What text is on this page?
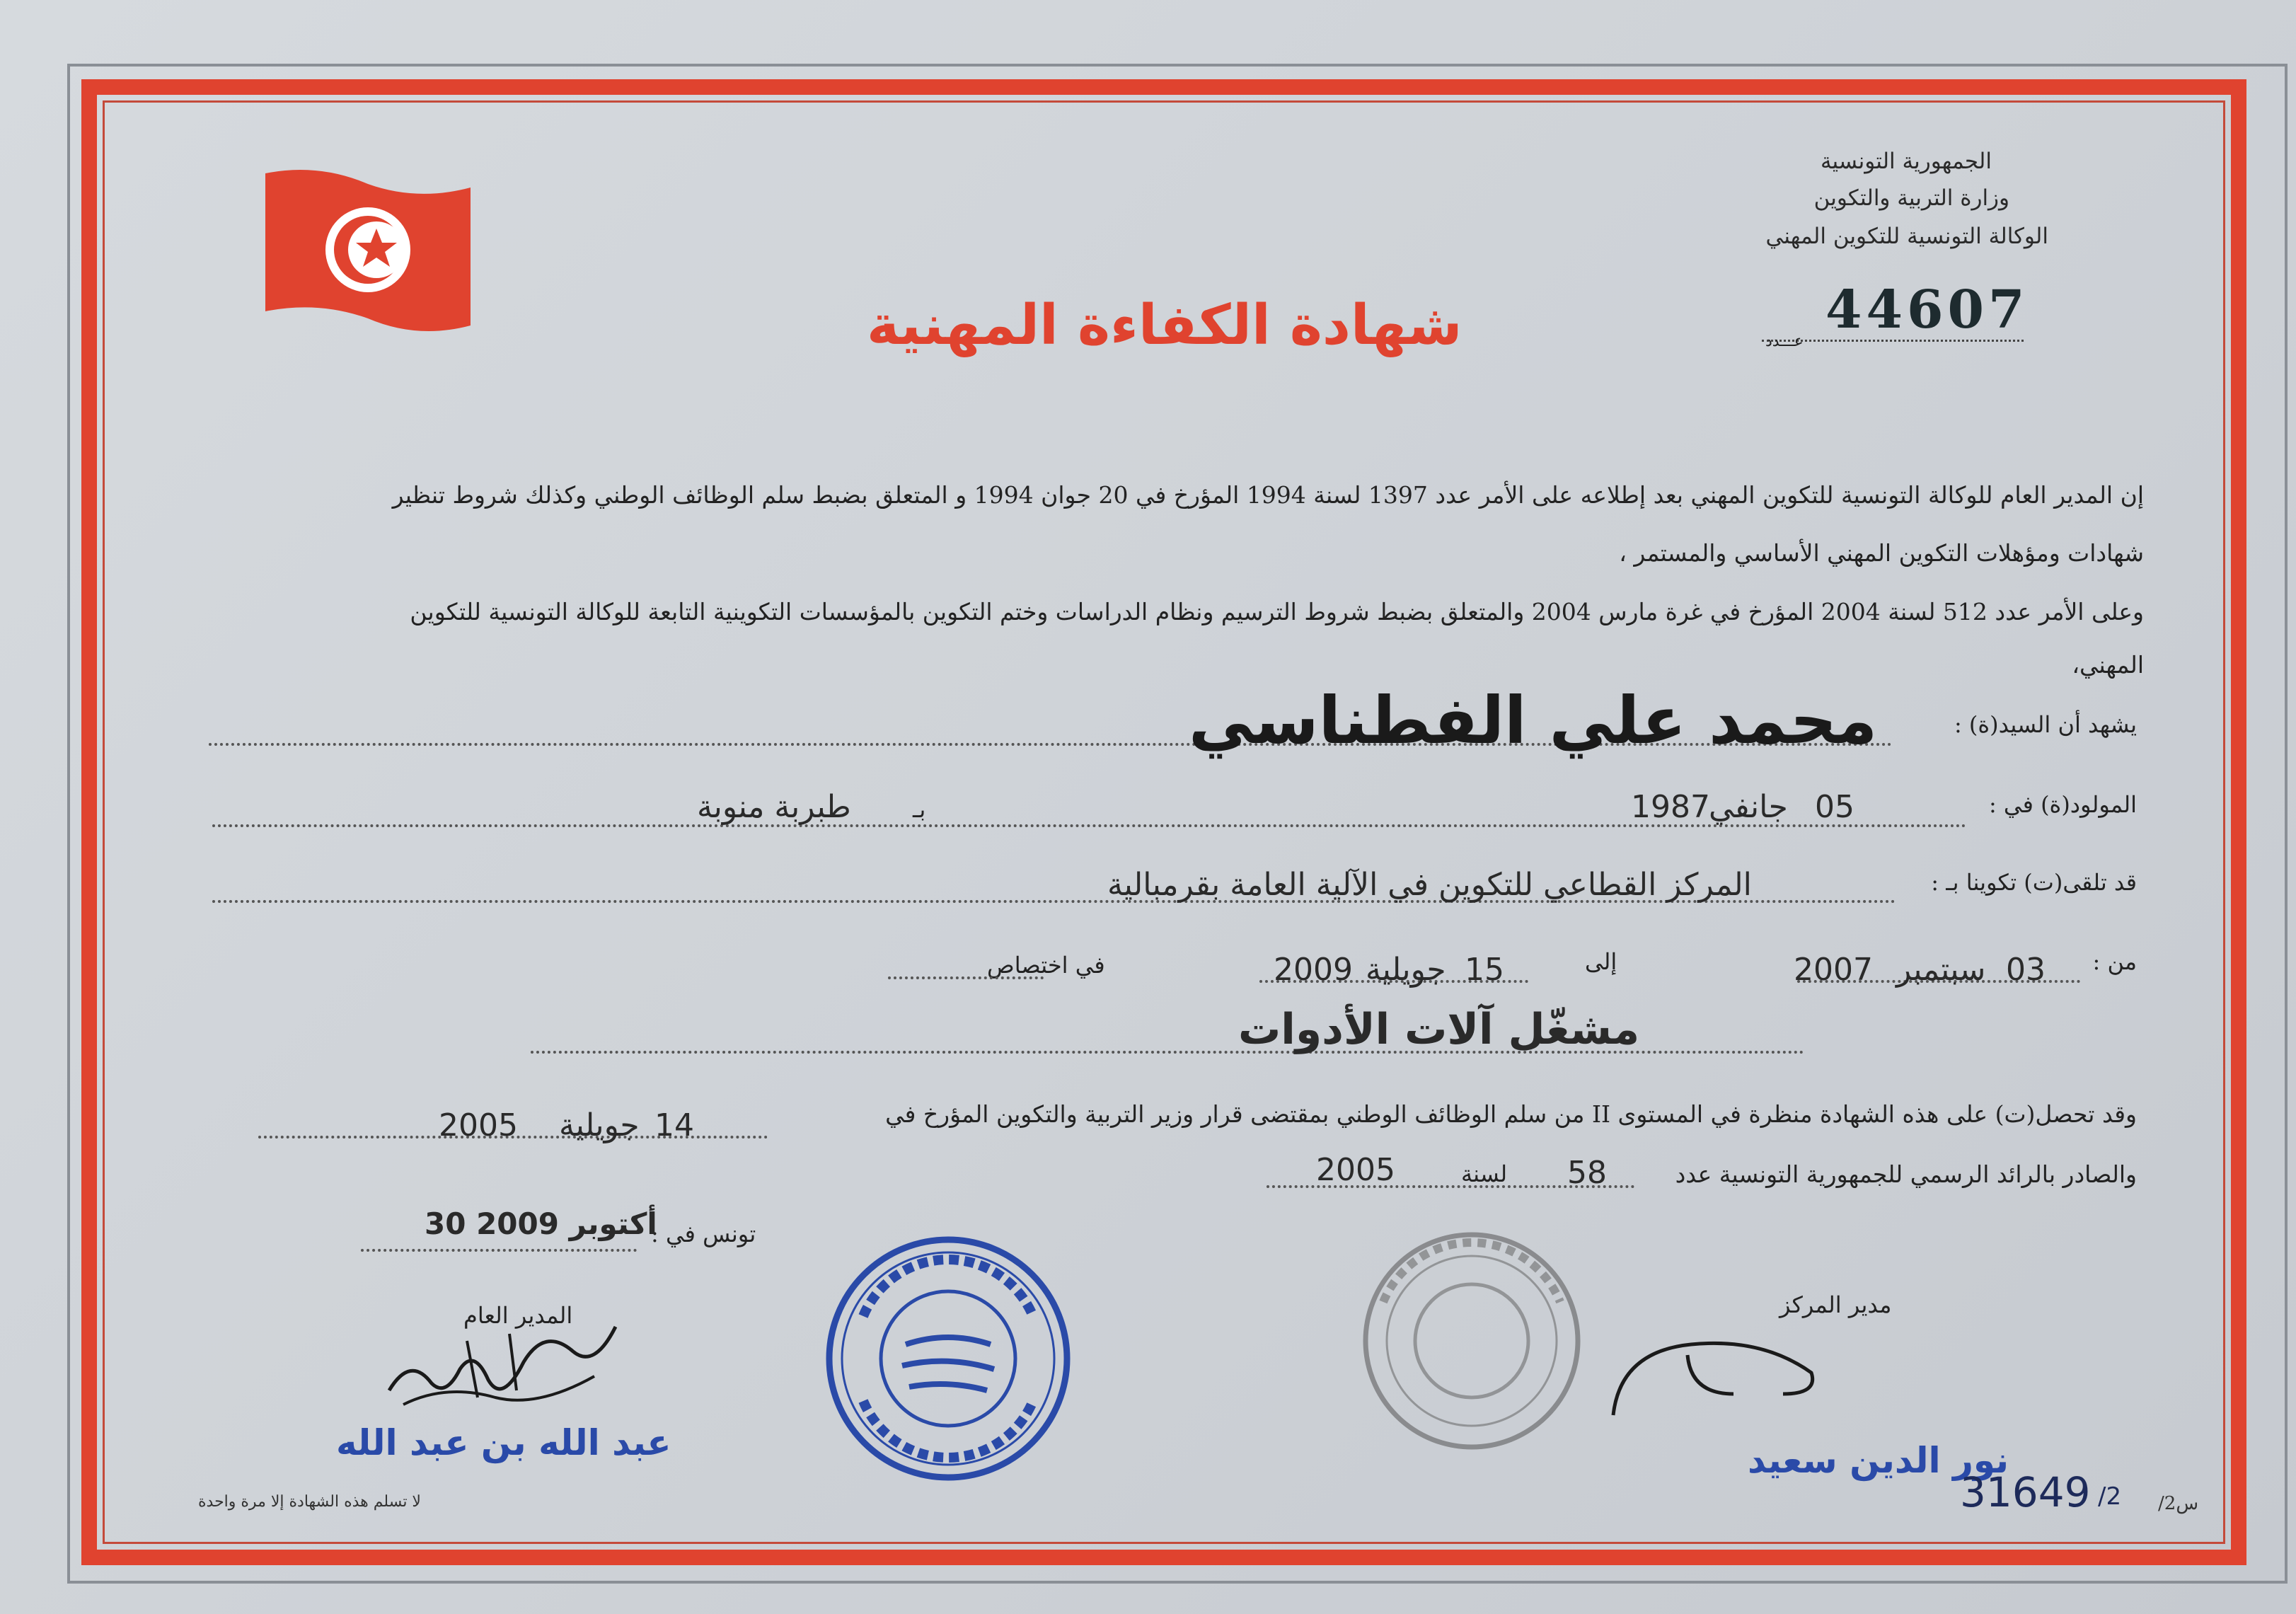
الجمهورية التونسية
وزارة التربية والتكوين
الوكالة التونسية للتكوين المهني
44607
عـــدد
شهادة الكفاءة المهنية
إن المدير العام للوكالة التونسية للتكوين المهني بعد إطلاعه على الأمر عدد 1397 لسنة 1994 المؤرخ في 20 جوان 1994 و المتعلق بضبط سلم الوظائف الوطني وكذلك شروط تنظير
شهادات ومؤهلات التكوين المهني الأساسي والمستمر ،
وعلى الأمر عدد 512 لسنة 2004 المؤرخ في غرة مارس 2004 والمتعلق بضبط شروط الترسيم ونظام الدراسات وختم التكوين بالمؤسسات التكوينية التابعة للوكالة التونسية للتكوين
المهني،
يشهد أن السيد(ة) :
محمد علي الفطناسي
المولود(ة) في :
05
جانفي
1987
بـ
طبربة منوبة
قد تلقى(ت) تكوينا بـ :
المركز القطاعي للتكوين في الآلية العامة بقرمبالية
من :
03
سبتمبر
2007
إلى
15
جويلية
2009
في اختصاص
مشغّل آلات الأدوات
وقد تحصل(ت) على هذه الشهادة منظرة في المستوى II من سلم الوظائف الوطني بمقتضى قرار وزير التربية والتكوين المؤرخ في
14
جويلية
2005
والصادر بالرائد الرسمي للجمهورية التونسية عدد
58
لسنة
2005
تونس في :
30 أكتوبر 2009
المدير العام
عبد الله بن عبد الله
مدير المركز
نور الدين سعيد
لا تسلم هذه الشهادة إلا مرة واحدة	31649 /2 س2/
